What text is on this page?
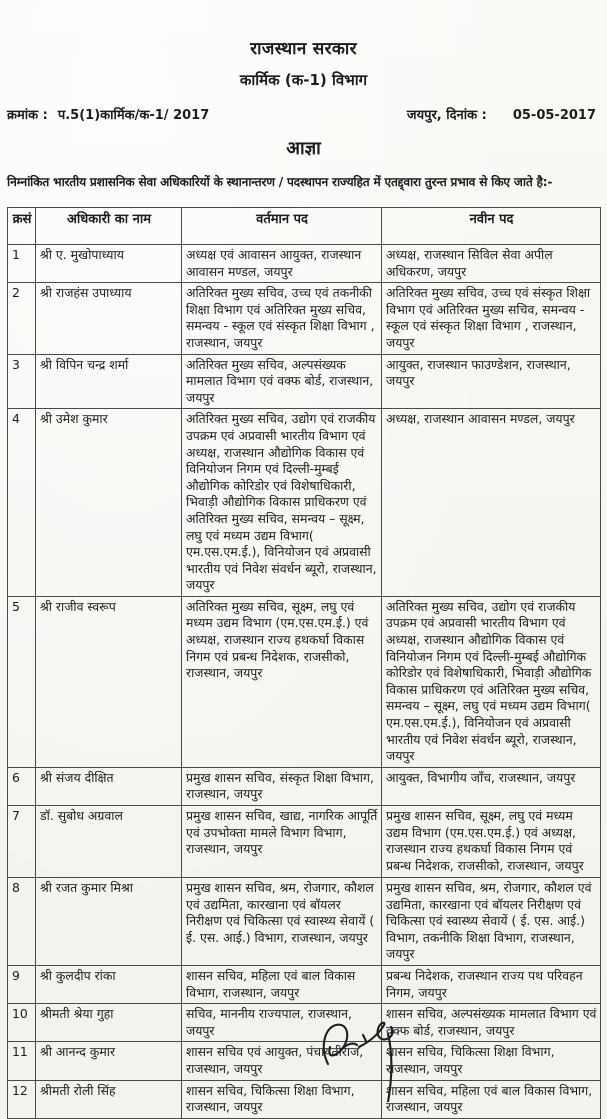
राजस्थान सरकार
कार्मिक (क-1) विभाग
क्रमांक : प.5(1)कार्मिक/क-1/ 2017	जयपुर, दिनांक : 05-05-2017
आज्ञा
निम्नांकित भारतीय प्रशासनिक सेवा अधिकारियों के स्थानान्तरण / पदस्थापन राज्यहित में एतद्द्वारा तुरन्त प्रभाव से किए जाते है:-
क्रसं	अधिकारी का नाम	वर्तमान पद	नवीन पद
1	श्री ए. मुखोपाध्याय	अध्यक्ष एवं आवासन आयुक्त, राजस्थान आवासन मण्डल, जयपुर	अध्यक्ष, राजस्थान सिविल सेवा अपील अधिकरण, जयपुर
2	श्री राजहंस उपाध्याय	अतिरिक्त मुख्य सचिव, उच्च एवं तकनीकी शिक्षा विभाग एवं अतिरिक्त मुख्य सचिव, समन्वय - स्कूल एवं संस्कृत शिक्षा विभाग , राजस्थान, जयपुर	अतिरिक्त मुख्य सचिव, उच्च एवं संस्कृत शिक्षा विभाग एवं अतिरिक्त मुख्य सचिव, समन्वय - स्कूल एवं संस्कृत शिक्षा विभाग , राजस्थान, जयपुर
3	श्री विपिन चन्द्र शर्मा	अतिरिक्त मुख्य सचिव, अल्पसंख्यक मामलात विभाग एवं वक्फ बोर्ड, राजस्थान, जयपुर	आयुक्त, राजस्थान फाउण्डेशन, राजस्थान, जयपुर
4	श्री उमेश कुमार	अतिरिक्त मुख्य सचिव, उद्योग एवं राजकीय उपक्रम एवं अप्रवासी भारतीय विभाग एवं अध्यक्ष, राजस्थान औद्योगिक विकास एवं विनियोजन निगम एवं दिल्ली-मुम्बई औद्योगिक कोरिडोर एवं विशेषाधिकारी, भिवाड़ी औद्योगिक विकास प्राधिकरण एवं अतिरिक्त मुख्य सचिव, समन्वय – सूक्ष्म, लघु एवं मध्यम उद्यम विभाग( एम.एस.एम.ई.), विनियोजन एवं अप्रवासी भारतीय एवं निवेश संवर्धन ब्यूरो, राजस्थान, जयपुर	अध्यक्ष, राजस्थान आवासन मण्डल, जयपुर
5	श्री राजीव स्वरूप	अतिरिक्त मुख्य सचिव, सूक्ष्म, लघु एवं मध्यम उद्यम विभाग (एम.एस.एम.ई.) एवं अध्यक्ष, राजस्थान राज्य हथकर्घा विकास निगम एवं प्रबन्ध निदेशक, राजसीको, राजस्थान, जयपुर	अतिरिक्त मुख्य सचिव, उद्योग एवं राजकीय उपक्रम एवं अप्रवासी भारतीय विभाग एवं अध्यक्ष, राजस्थान औद्योगिक विकास एवं विनियोजन निगम एवं दिल्ली-मुम्बई औद्योगिक कोरिडोर एवं विशेषाधिकारी, भिवाड़ी औद्योगिक विकास प्राधिकरण एवं अतिरिक्त मुख्य सचिव, समन्वय – सूक्ष्म, लघु एवं मध्यम उद्यम विभाग( एम.एस.एम.ई.), विनियोजन एवं अप्रवासी भारतीय एवं निवेश संवर्धन ब्यूरो, राजस्थान, जयपुर
6	श्री संजय दीक्षित	प्रमुख शासन सचिव, संस्कृत शिक्षा विभाग, राजस्थान, जयपुर	आयुक्त, विभागीय जाँच, राजस्थान, जयपुर
7	डॉ. सुबोध अग्रवाल	प्रमुख शासन सचिव, खाद्य, नागरिक आपूर्ति एवं उपभोक्ता मामले विभाग विभाग, राजस्थान, जयपुर	प्रमुख शासन सचिव, सूक्ष्म, लघु एवं मध्यम उद्यम विभाग (एम.एस.एम.ई.) एवं अध्यक्ष, राजस्थान राज्य हथकर्घा विकास निगम एवं प्रबन्ध निदेशक, राजसीको, राजस्थान, जयपुर
8	श्री रजत कुमार मिश्रा	प्रमुख शासन सचिव, श्रम, रोजगार, कौशल एवं उद्यमिता, कारखाना एवं बॉयलर निरीक्षण एवं चिकित्सा एवं स्वास्थ्य सेवायें ( ई. एस. आई.) विभाग, राजस्थान, जयपुर	प्रमुख शासन सचिव, श्रम, रोजगार, कौशल एवं उद्यमिता, कारखाना एवं बॉयलर निरीक्षण एवं चिकित्सा एवं स्वास्थ्य सेवायें ( ई. एस. आई.) विभाग, तकनीकि शिक्षा विभाग, राजस्थान, जयपुर
9	श्री कुलदीप रांका	शासन सचिव, महिला एवं बाल विकास विभाग, राजस्थान, जयपुर	प्रबन्ध निदेशक, राजस्थान राज्य पथ परिवहन निगम, जयपुर
10	श्रीमती श्रेया गुहा	सचिव, माननीय राज्यपाल, राजस्थान, जयपुर	शासन सचिव, अल्पसंख्यक मामलात विभाग एवं वक्फ बोर्ड, राजस्थान, जयपुर
11	श्री आनन्द कुमार	शासन सचिव एवं आयुक्त, पंचायतीराज, राजस्थान, जयपुर	शासन सचिव, चिकित्सा शिक्षा विभाग, राजस्थान, जयपुर
12	श्रीमती रोली सिंह	शासन सचिव, चिकित्सा शिक्षा विभाग, राजस्थान, जयपुर	शासन सचिव, महिला एवं बाल विकास विभाग, राजस्थान, जयपुर
